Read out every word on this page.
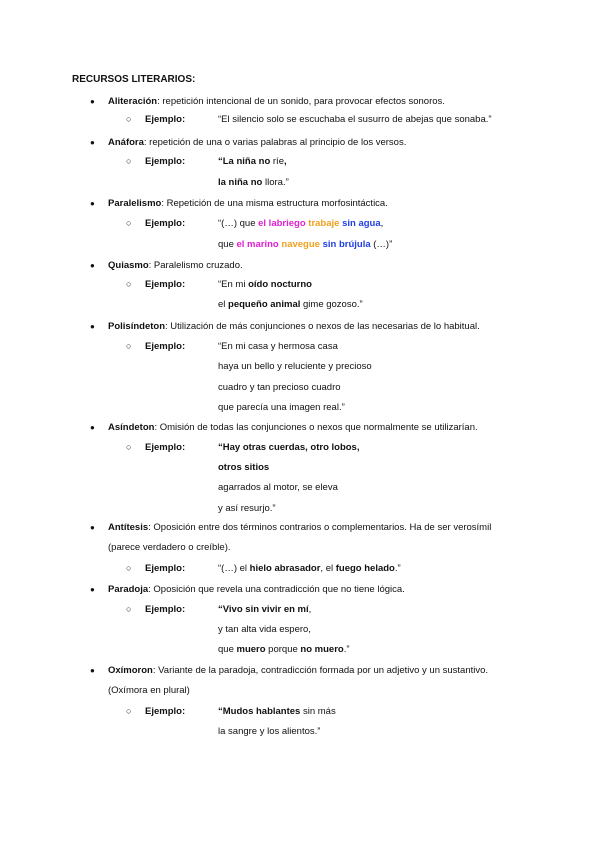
RECURSOS LITERARIOS:
● Aliteración: repetición intencional de un sonido, para provocar efectos sonoros.
○ Ejemplo:	“El silencio solo se escuchaba el susurro de abejas que sonaba.”
● Anáfora: repetición de una o varias palabras al principio de los versos.
○ Ejemplo:	“La niña no ríe,
la niña no llora.”
● Paralelismo: Repetición de una misma estructura morfosintáctica.
○ Ejemplo:	“(…) que el labriego trabaje sin agua,
que el marino navegue sin brújula (…)”
● Quiasmo: Paralelismo cruzado.
○ Ejemplo:	“En mi oído nocturno
el pequeño animal gime gozoso.”
● Polisíndeton: Utilización de más conjunciones o nexos de las necesarias de lo habitual.
○ Ejemplo:	“En mi casa y hermosa casa
haya un bello y reluciente y precioso
cuadro y tan precioso cuadro
que parecía una imagen real.”
● Asíndeton: Omisión de todas las conjunciones o nexos que normalmente se utilizarían.
○ Ejemplo:	“Hay otras cuerdas, otro lobos,
otros sitios
agarrados al motor, se eleva
y así resurjo.”
● Antítesis: Oposición entre dos términos contrarios o complementarios. Ha de ser verosímil
(parece verdadero o creíble).
○ Ejemplo:	“(…) el hielo abrasador, el fuego helado.”
● Paradoja: Oposición que revela una contradicción que no tiene lógica.
○ Ejemplo:	“Vivo sin vivir en mí,
y tan alta vida espero,
que muero porque no muero.”
● Oxímoron: Variante de la paradoja, contradicción formada por un adjetivo y un sustantivo.
(Oxímora en plural)
○ Ejemplo:	“Mudos hablantes sin más
la sangre y los alientos.”
